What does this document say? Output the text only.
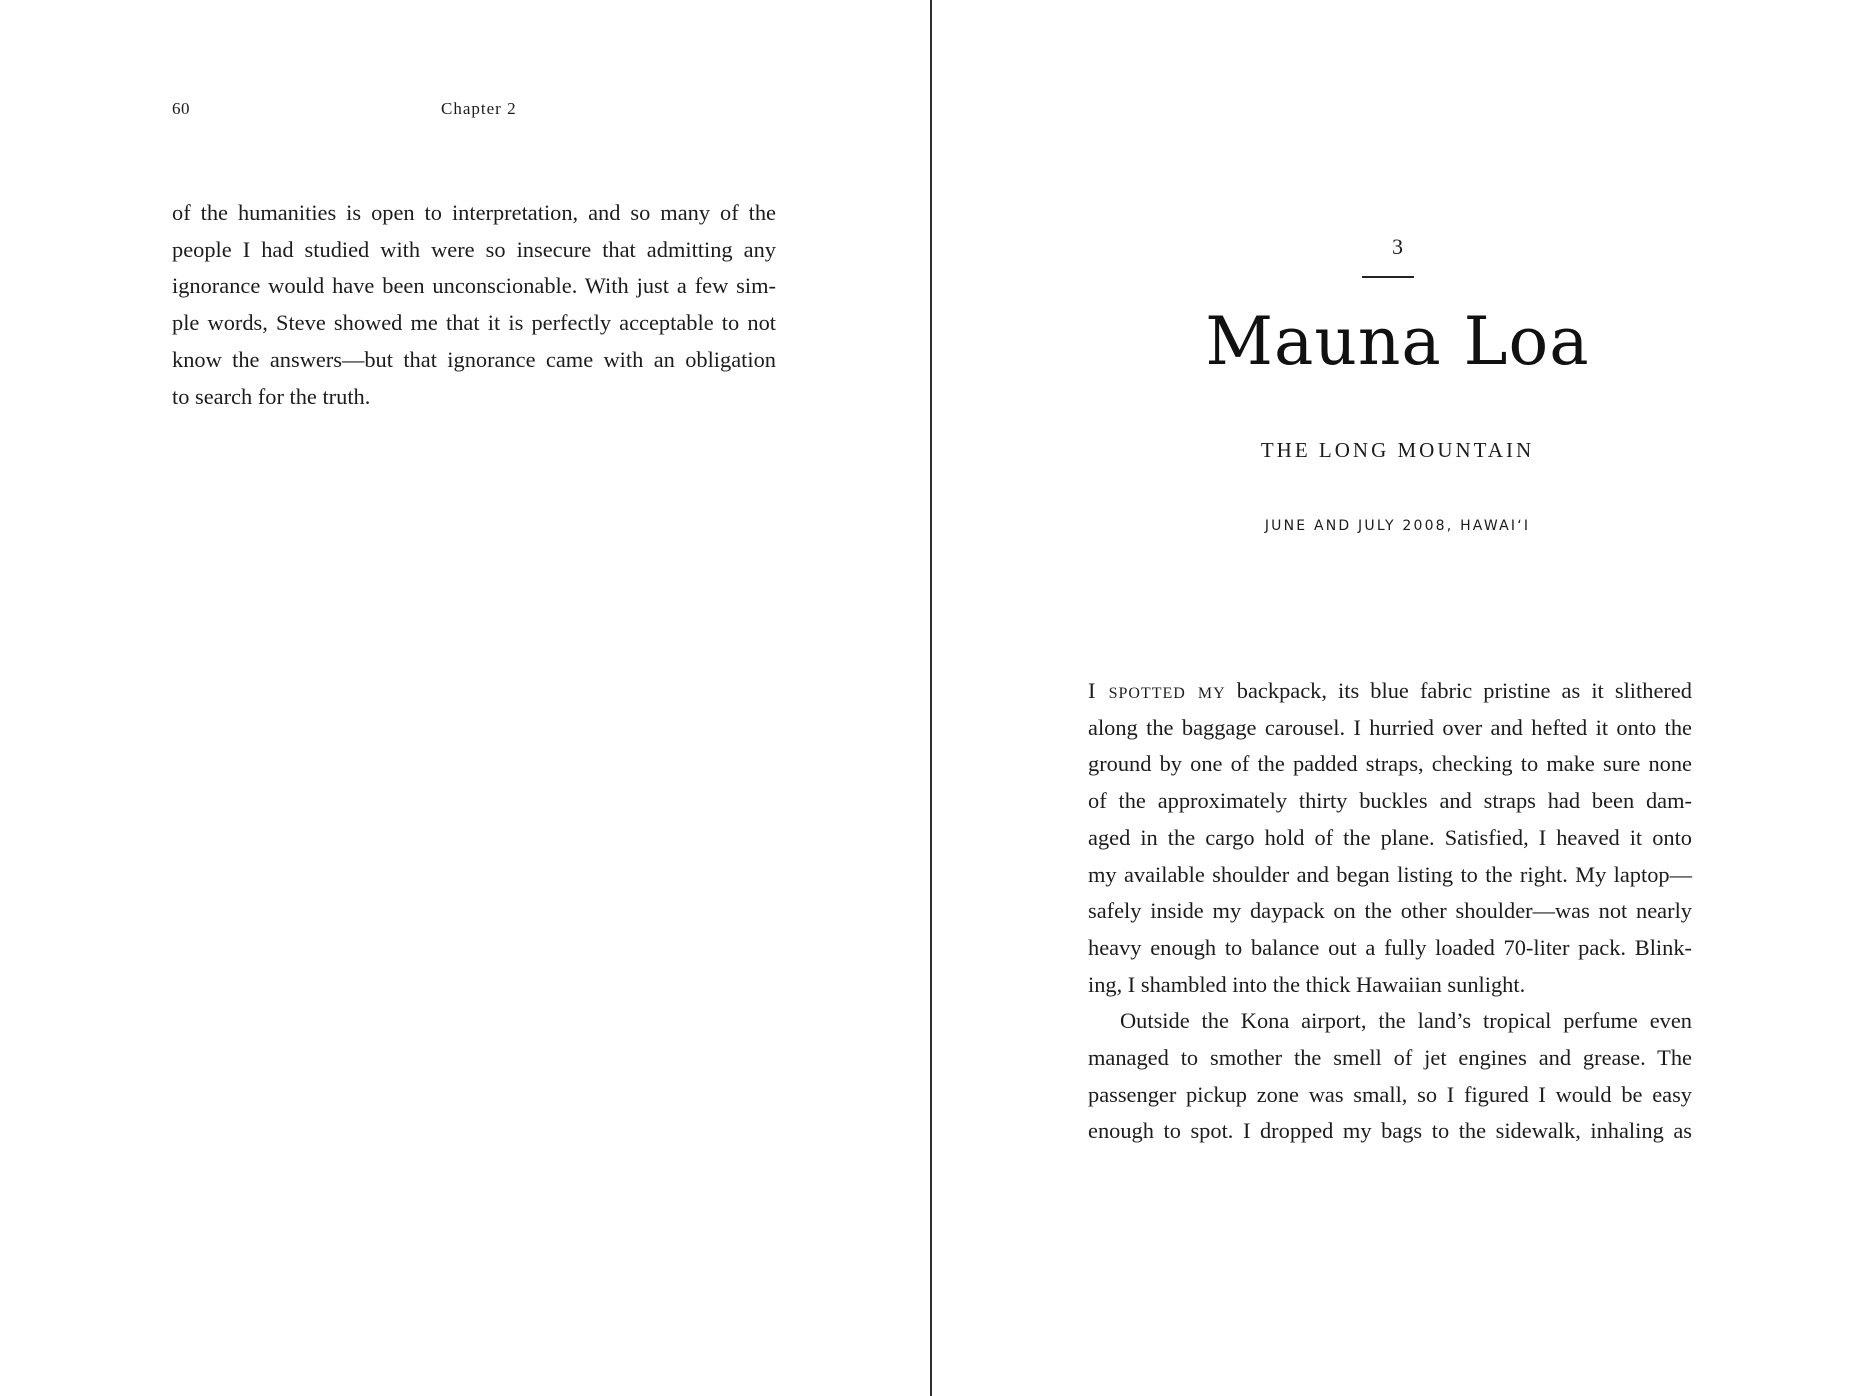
60	Chapter 2
of the humanities is open to interpretation, and so many of the
people I had studied with were so insecure that admitting any
ignorance would have been unconscionable. With just a few sim-
ple words, Steve showed me that it is perfectly acceptable to not
know the answers—but that ignorance came with an obligation
to search for the truth.
3
Mauna Loa
THE LONG MOUNTAIN
JUNE AND JULY 2008, HAWAIʻI
I spotted my backpack, its blue fabric pristine as it slithered
along the baggage carousel. I hurried over and hefted it onto the
ground by one of the padded straps, checking to make sure none
of the approximately thirty buckles and straps had been dam-
aged in the cargo hold of the plane. Satisfied, I heaved it onto
my available shoulder and began listing to the right. My laptop—
safely inside my daypack on the other shoulder—was not nearly
heavy enough to balance out a fully loaded 70-liter pack. Blink-
ing, I shambled into the thick Hawaiian sunlight.
Outside the Kona airport, the land’s tropical perfume even
managed to smother the smell of jet engines and grease. The
passenger pickup zone was small, so I figured I would be easy
enough to spot. I dropped my bags to the sidewalk, inhaling as
